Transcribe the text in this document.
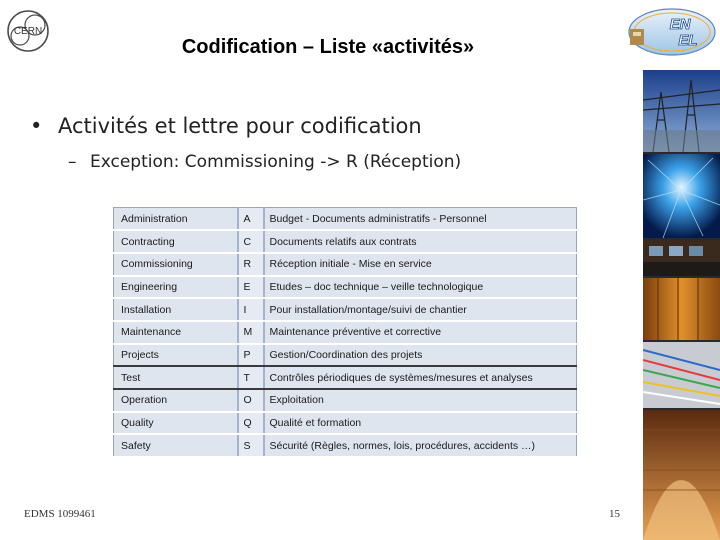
CERN	EN
EL
Codification – Liste «activités»
• Activités et lettre pour codification
– Exception: Commissioning -> R (Réception)
Administration	A	Budget - Documents administratifs - Personnel
Contracting	C	Documents relatifs aux contrats
Commissioning	R	Réception initiale - Mise en service
Engineering	E	Etudes – doc technique – veille technologique
Installation	I	Pour installation/montage/suivi de chantier
Maintenance	M	Maintenance préventive et corrective
Projects	P	Gestion/Coordination des projets
Test	T	Contrôles périodiques de systèmes/mesures et analyses
Operation	O	Exploitation
Quality	Q	Qualité et formation
Safety	S	Sécurité (Règles, normes, lois, procédures, accidents …)
EDMS 1099461	15
